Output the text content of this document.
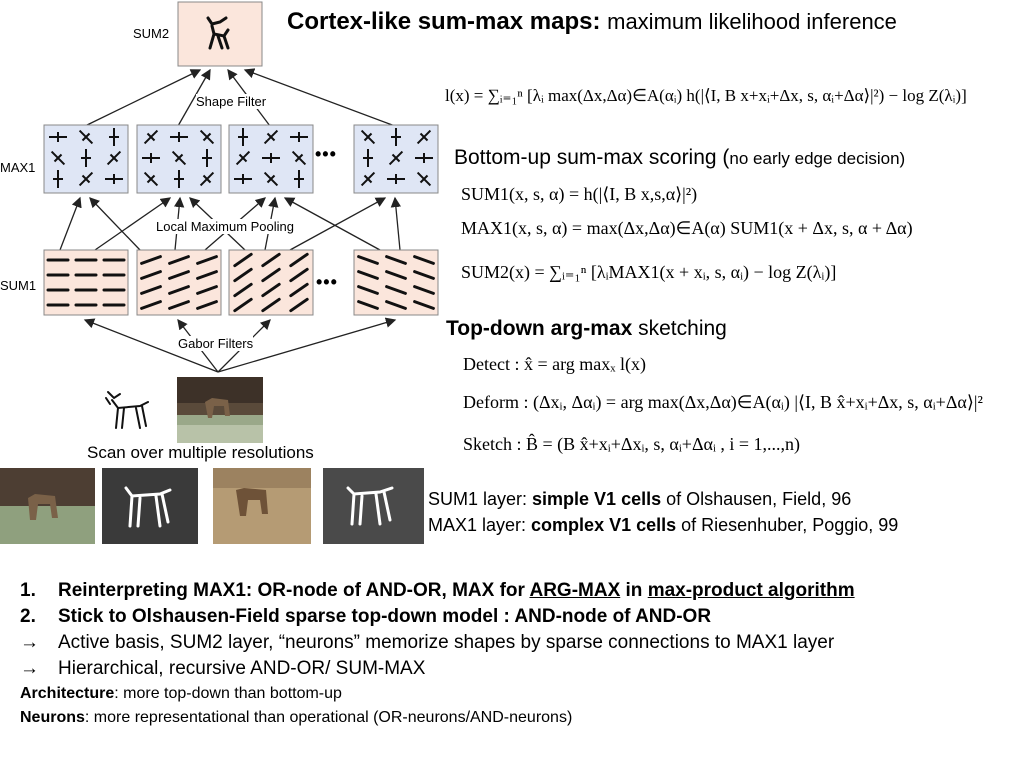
Cortex-like sum-max maps: maximum likelihood inference
SUM2
Shape Filter
MAX1
•••
Local Maximum Pooling
SUM1	•••
Gabor Filters
Scan over multiple resolutions
l(x) = ∑ᵢ₌₁ⁿ [λᵢ max(Δx,Δα)∈A(αᵢ) h(|⟨I, B x+xᵢ+Δx, s, αᵢ+Δα⟩|²) − log Z(λᵢ)]
Bottom-up sum-max scoring (no early edge decision)
SUM1(x, s, α) = h(|⟨I, B x,s,α⟩|²)
MAX1(x, s, α) = max(Δx,Δα)∈A(α) SUM1(x + Δx, s, α + Δα)
SUM2(x) = ∑ᵢ₌₁ⁿ [λᵢMAX1(x + xᵢ, s, αᵢ) − log Z(λᵢ)]
Top-down arg-max sketching
Detect : x̂ = arg maxₓ l(x)
Deform : (Δxᵢ, Δαᵢ) = arg max(Δx,Δα)∈A(αᵢ) |⟨I, B x̂+xᵢ+Δx, s, αᵢ+Δα⟩|²
Sketch : B̂ = (B x̂+xᵢ+Δxᵢ, s, αᵢ+Δαᵢ , i = 1,...,n)
SUM1 layer: simple V1 cells of Olshausen, Field, 96
MAX1 layer: complex V1 cells of Riesenhuber, Poggio, 99
1.	Reinterpreting MAX1: OR-node of AND-OR, MAX for ARG-MAX in max-product algorithm
2.	Stick to Olshausen-Field sparse top-down model : AND-node of AND-OR
→	Active basis, SUM2 layer, “neurons” memorize shapes by sparse connections to MAX1 layer
→	Hierarchical, recursive AND-OR/ SUM-MAX
Architecture: more top-down than bottom-up
Neurons: more representational than operational (OR-neurons/AND-neurons)
